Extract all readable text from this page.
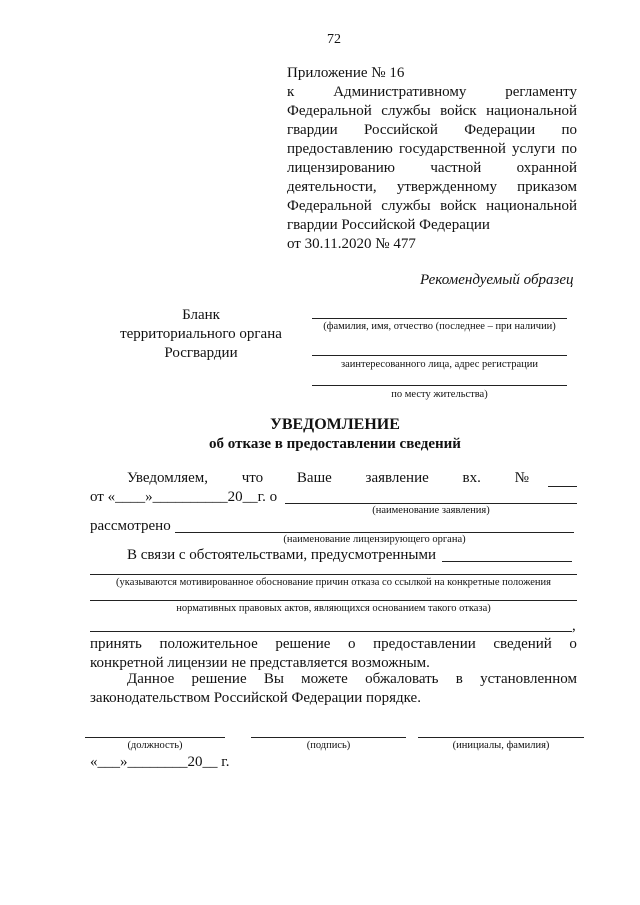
72
Приложение № 16
к	Административному	регламенту
Федеральной службы войск национальной
гвардии Российской Федерации по
предоставлению государственной услуги по
лицензированию частной охранной
деятельности, утвержденному приказом
Федеральной службы войск национальной
гвардии Российской Федерации
от 30.11.2020 № 477
Рекомендуемый образец
Бланк
территориального органа
Росгвардии
(фамилия, имя, отчество (последнее – при наличии)
заинтересованного лица, адрес регистрации
по месту жительства)
УВЕДОМЛЕНИЕ
об отказе в предоставлении сведений
Уведомляем, что Ваше заявление вх. №
от «____»__________20__г. о
(наименование заявления)
рассмотрено
(наименование лицензирующего органа)
В связи с обстоятельствами, предусмотренными
(указываются мотивированное обоснование причин отказа со ссылкой на конкретные положения
нормативных правовых актов, являющихся основанием такого отказа)
,
принять положительное решение о предоставлении сведений о
конкретной лицензии не представляется возможным.
Данное решение Вы можете обжаловать в установленном
законодательством Российской Федерации порядке.
(должность)	(подпись)	(инициалы, фамилия)
«___»________20__ г.
